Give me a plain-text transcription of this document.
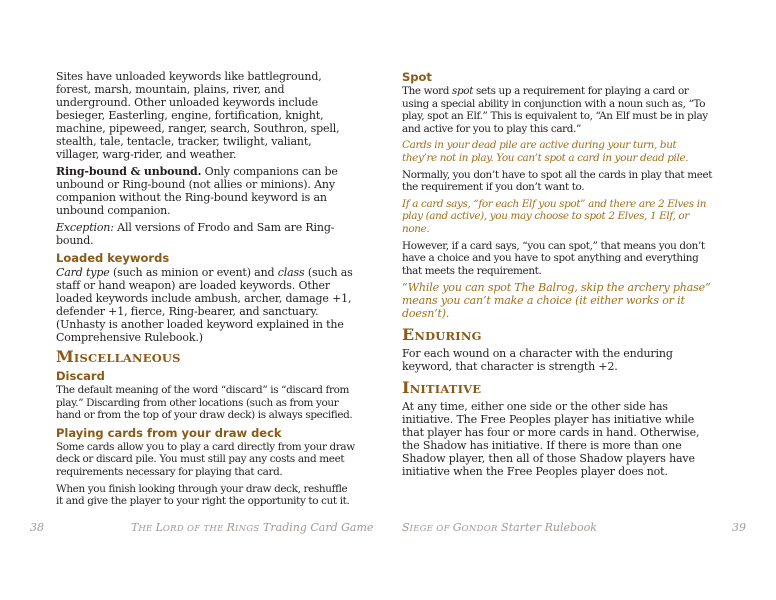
Sites have unloaded keywords like battleground, forest, marsh, mountain, plains, river, and underground. Other unloaded keywords include besieger, Easterling, engine, fortification, knight, machine, pipeweed, ranger, search, Southron, spell, stealth, tale, tentacle, tracker, twilight, valiant, villager, warg-rider, and weather.

Ring-bound & unbound. Only companions can be unbound or Ring-bound (not allies or minions). Any companion without the Ring-bound keyword is an unbound companion.

Exception: All versions of Frodo and Sam are Ring-bound.

Loaded keywords

Card type (such as minion or event) and class (such as staff or hand weapon) are loaded keywords. Other loaded keywords include ambush, archer, damage +1, defender +1, fierce, Ring-bearer, and sanctuary. (Unhasty is another loaded keyword explained in the Comprehensive Rulebook.)

MISCELLANEOUS
Discard

The default meaning of the word “discard” is “discard from play.” Discarding from other locations (such as from your hand or from the top of your draw deck) is always specified.

Playing cards from your draw deck

Some cards allow you to play a card directly from your draw deck or discard pile. You must still pay any costs and meet requirements necessary for playing that card.

When you finish looking through your draw deck, reshuffle it and give the player to your right the opportunity to cut it.

Spot

The word spot sets up a requirement for playing a card or using a special ability in conjunction with a noun such as, “To play, spot an Elf.” This is equivalent to, “An Elf must be in play and active for you to play this card.”

Cards in your dead pile are active during your turn, but they’re not in play. You can’t spot a card in your dead pile.

Normally, you don’t have to spot all the cards in play that meet the requirement if you don’t want to.

If a card says, “for each Elf you spot” and there are 2 Elves in play (and active), you may choose to spot 2 Elves, 1 Elf, or none.

However, if a card says, “you can spot,” that means you don’t have a choice and you have to spot anything and everything that meets the requirement.

“While you can spot The Balrog, skip the archery phase” means you can’t make a choice (it either works or it doesn’t).

ENDURING

For each wound on a character with the enduring keyword, that character is strength +2.

INITIATIVE

At any time, either one side or the other side has initiative. The Free Peoples player has initiative while that player has four or more cards in hand. Otherwise, the Shadow has initiative. If there is more than one Shadow player, then all of those Shadow players have initiative when the Free Peoples player does not.

38	THE LORD OF THE RINGS Trading Card Game	SIEGE OF GONDOR Starter Rulebook	39
